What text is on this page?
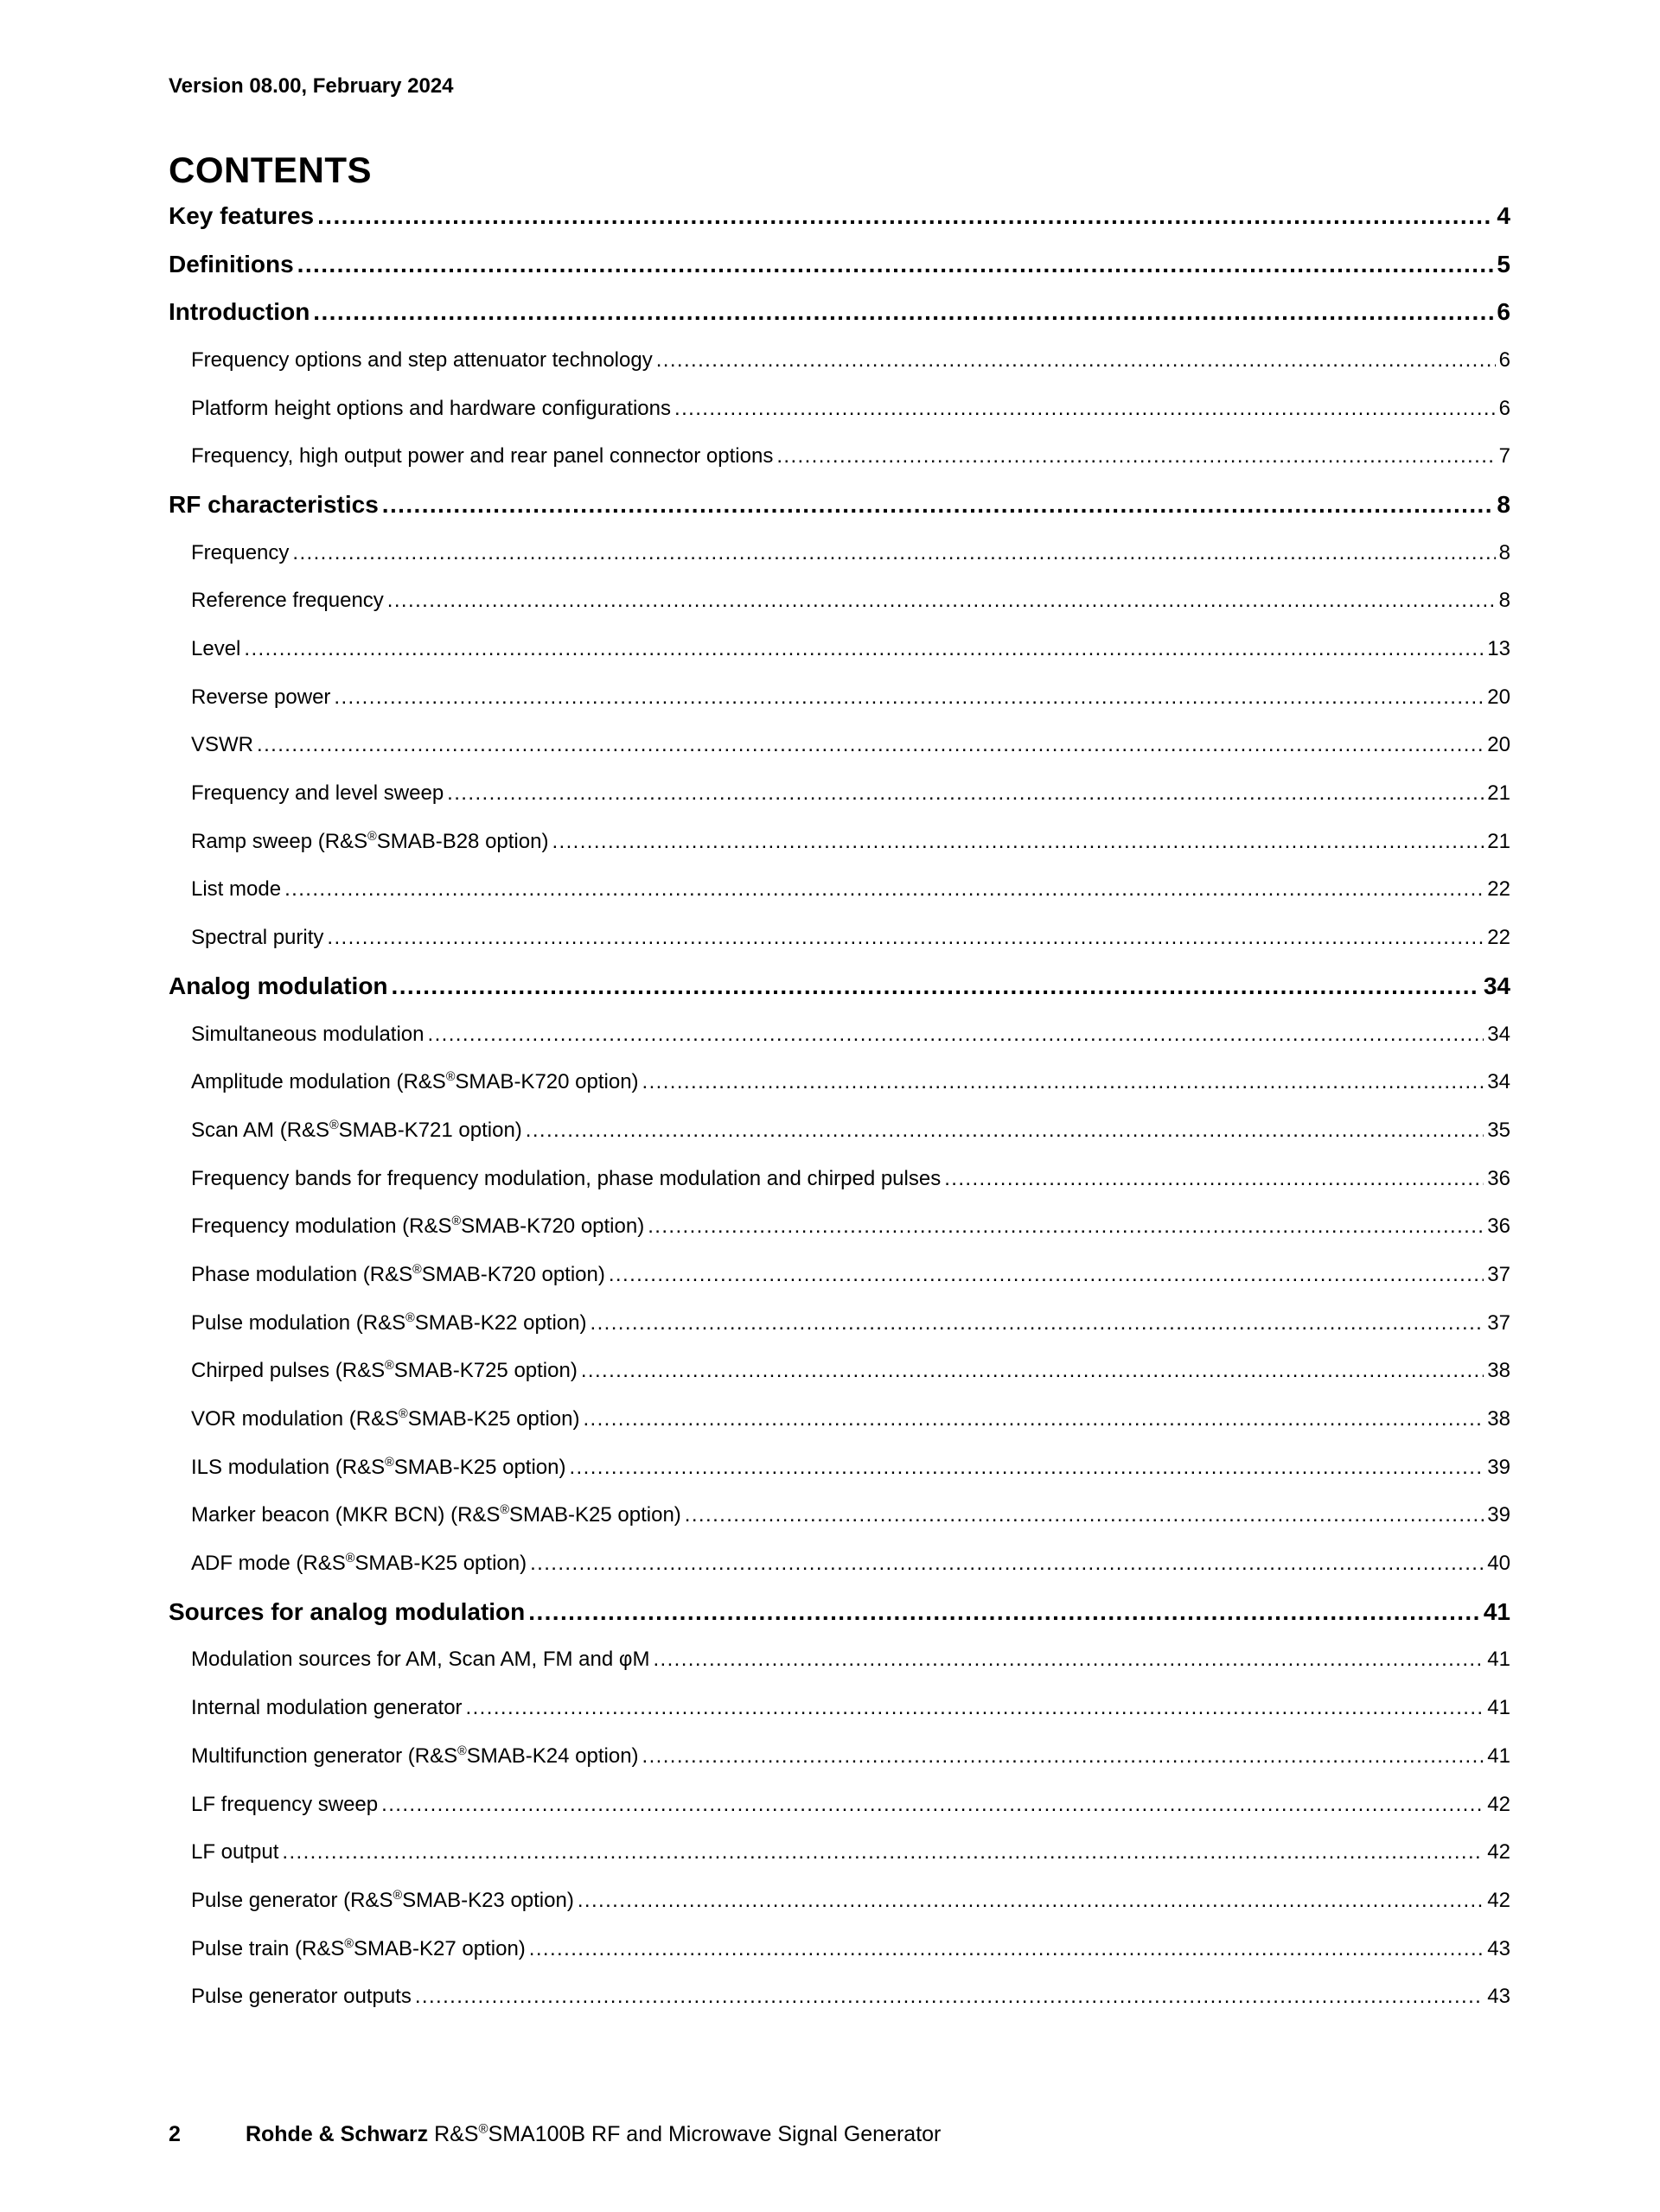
Version 08.00, February 2024
CONTENTS
Key features .....	4
Definitions .....	5
Introduction .....	6
Frequency options and step attenuator technology .....	6
Platform height options and hardware configurations .....	6
Frequency, high output power and rear panel connector options .....	7
RF characteristics .....	8
Frequency .....	8
Reference frequency .....	8
Level .....	13
Reverse power .....	20
VSWR .....	20
Frequency and level sweep .....	21
Ramp sweep (R&S®SMAB-B28 option) .....	21
List mode .....	22
Spectral purity .....	22
Analog modulation .....	34
Simultaneous modulation .....	34
Amplitude modulation (R&S®SMAB-K720 option) .....	34
Scan AM (R&S®SMAB-K721 option) .....	35
Frequency bands for frequency modulation, phase modulation and chirped pulses .....	36
Frequency modulation (R&S®SMAB-K720 option) .....	36
Phase modulation (R&S®SMAB-K720 option) .....	37
Pulse modulation (R&S®SMAB-K22 option) .....	37
Chirped pulses (R&S®SMAB-K725 option) .....	38
VOR modulation (R&S®SMAB-K25 option) .....	38
ILS modulation (R&S®SMAB-K25 option) .....	39
Marker beacon (MKR BCN) (R&S®SMAB-K25 option) .....	39
ADF mode (R&S®SMAB-K25 option) .....	40
Sources for analog modulation .....	41
Modulation sources for AM, Scan AM, FM and φM .....	41
Internal modulation generator .....	41
Multifunction generator (R&S®SMAB-K24 option) .....	41
LF frequency sweep .....	42
LF output .....	42
Pulse generator (R&S®SMAB-K23 option) .....	42
Pulse train (R&S®SMAB-K27 option) .....	43
Pulse generator outputs .....	43
2	Rohde & Schwarz R&S®SMA100B RF and Microwave Signal Generator
